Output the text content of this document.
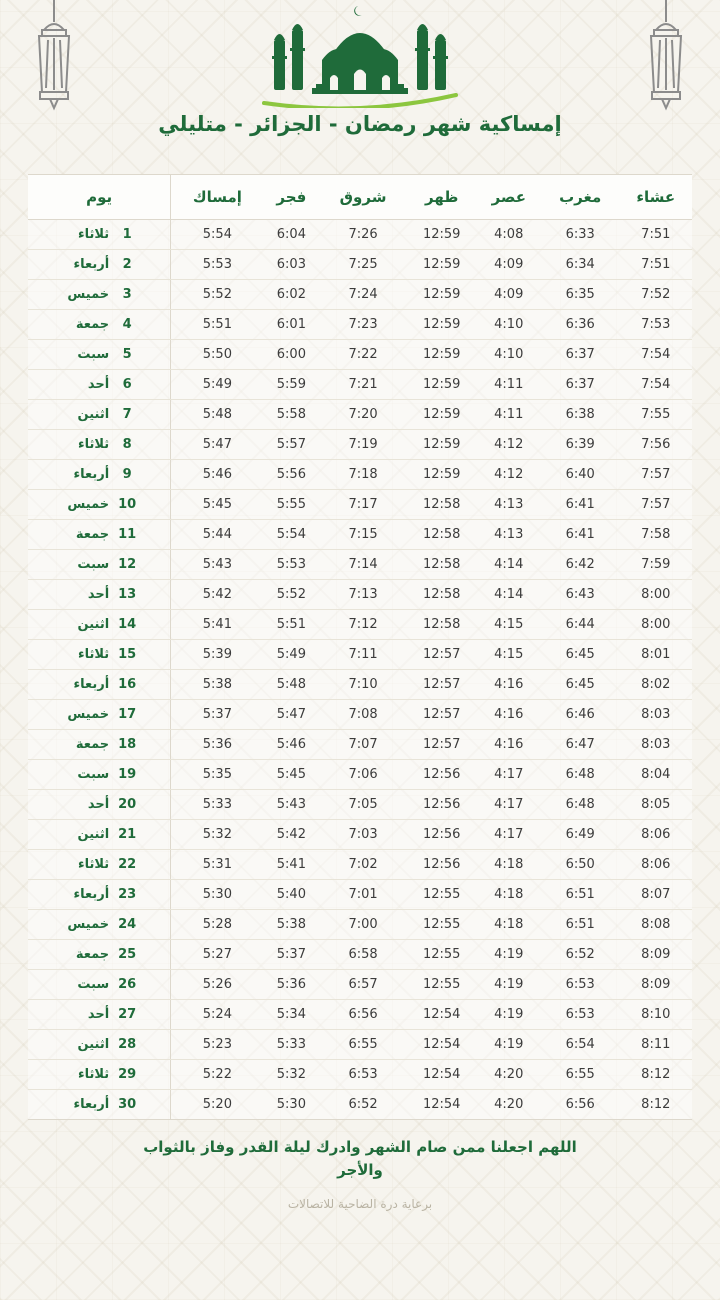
إمساكية شهر رمضان - الجزائر - متليلي
عشاء	مغرب	عصر	ظهر	شروق	فجر	إمساك	يوم
7:51	6:33	4:08	12:59	7:26	6:04	5:54	1ثلاثاء
7:51	6:34	4:09	12:59	7:25	6:03	5:53	2أربعاء
7:52	6:35	4:09	12:59	7:24	6:02	5:52	3خميس
7:53	6:36	4:10	12:59	7:23	6:01	5:51	4جمعة
7:54	6:37	4:10	12:59	7:22	6:00	5:50	5سبت
7:54	6:37	4:11	12:59	7:21	5:59	5:49	6أحد
7:55	6:38	4:11	12:59	7:20	5:58	5:48	7اثنين
7:56	6:39	4:12	12:59	7:19	5:57	5:47	8ثلاثاء
7:57	6:40	4:12	12:59	7:18	5:56	5:46	9أربعاء
7:57	6:41	4:13	12:58	7:17	5:55	5:45	10خميس
7:58	6:41	4:13	12:58	7:15	5:54	5:44	11جمعة
7:59	6:42	4:14	12:58	7:14	5:53	5:43	12سبت
8:00	6:43	4:14	12:58	7:13	5:52	5:42	13أحد
8:00	6:44	4:15	12:58	7:12	5:51	5:41	14اثنين
8:01	6:45	4:15	12:57	7:11	5:49	5:39	15ثلاثاء
8:02	6:45	4:16	12:57	7:10	5:48	5:38	16أربعاء
8:03	6:46	4:16	12:57	7:08	5:47	5:37	17خميس
8:03	6:47	4:16	12:57	7:07	5:46	5:36	18جمعة
8:04	6:48	4:17	12:56	7:06	5:45	5:35	19سبت
8:05	6:48	4:17	12:56	7:05	5:43	5:33	20أحد
8:06	6:49	4:17	12:56	7:03	5:42	5:32	21اثنين
8:06	6:50	4:18	12:56	7:02	5:41	5:31	22ثلاثاء
8:07	6:51	4:18	12:55	7:01	5:40	5:30	23أربعاء
8:08	6:51	4:18	12:55	7:00	5:38	5:28	24خميس
8:09	6:52	4:19	12:55	6:58	5:37	5:27	25جمعة
8:09	6:53	4:19	12:55	6:57	5:36	5:26	26سبت
8:10	6:53	4:19	12:54	6:56	5:34	5:24	27أحد
8:11	6:54	4:19	12:54	6:55	5:33	5:23	28اثنين
8:12	6:55	4:20	12:54	6:53	5:32	5:22	29ثلاثاء
8:12	6:56	4:20	12:54	6:52	5:30	5:20	30أربعاء
اللهم اجعلنا ممن صام الشهر وادرك ليلة القدر وفاز بالثواب والأجر
برعاية درة الضاحية للاتصالات
